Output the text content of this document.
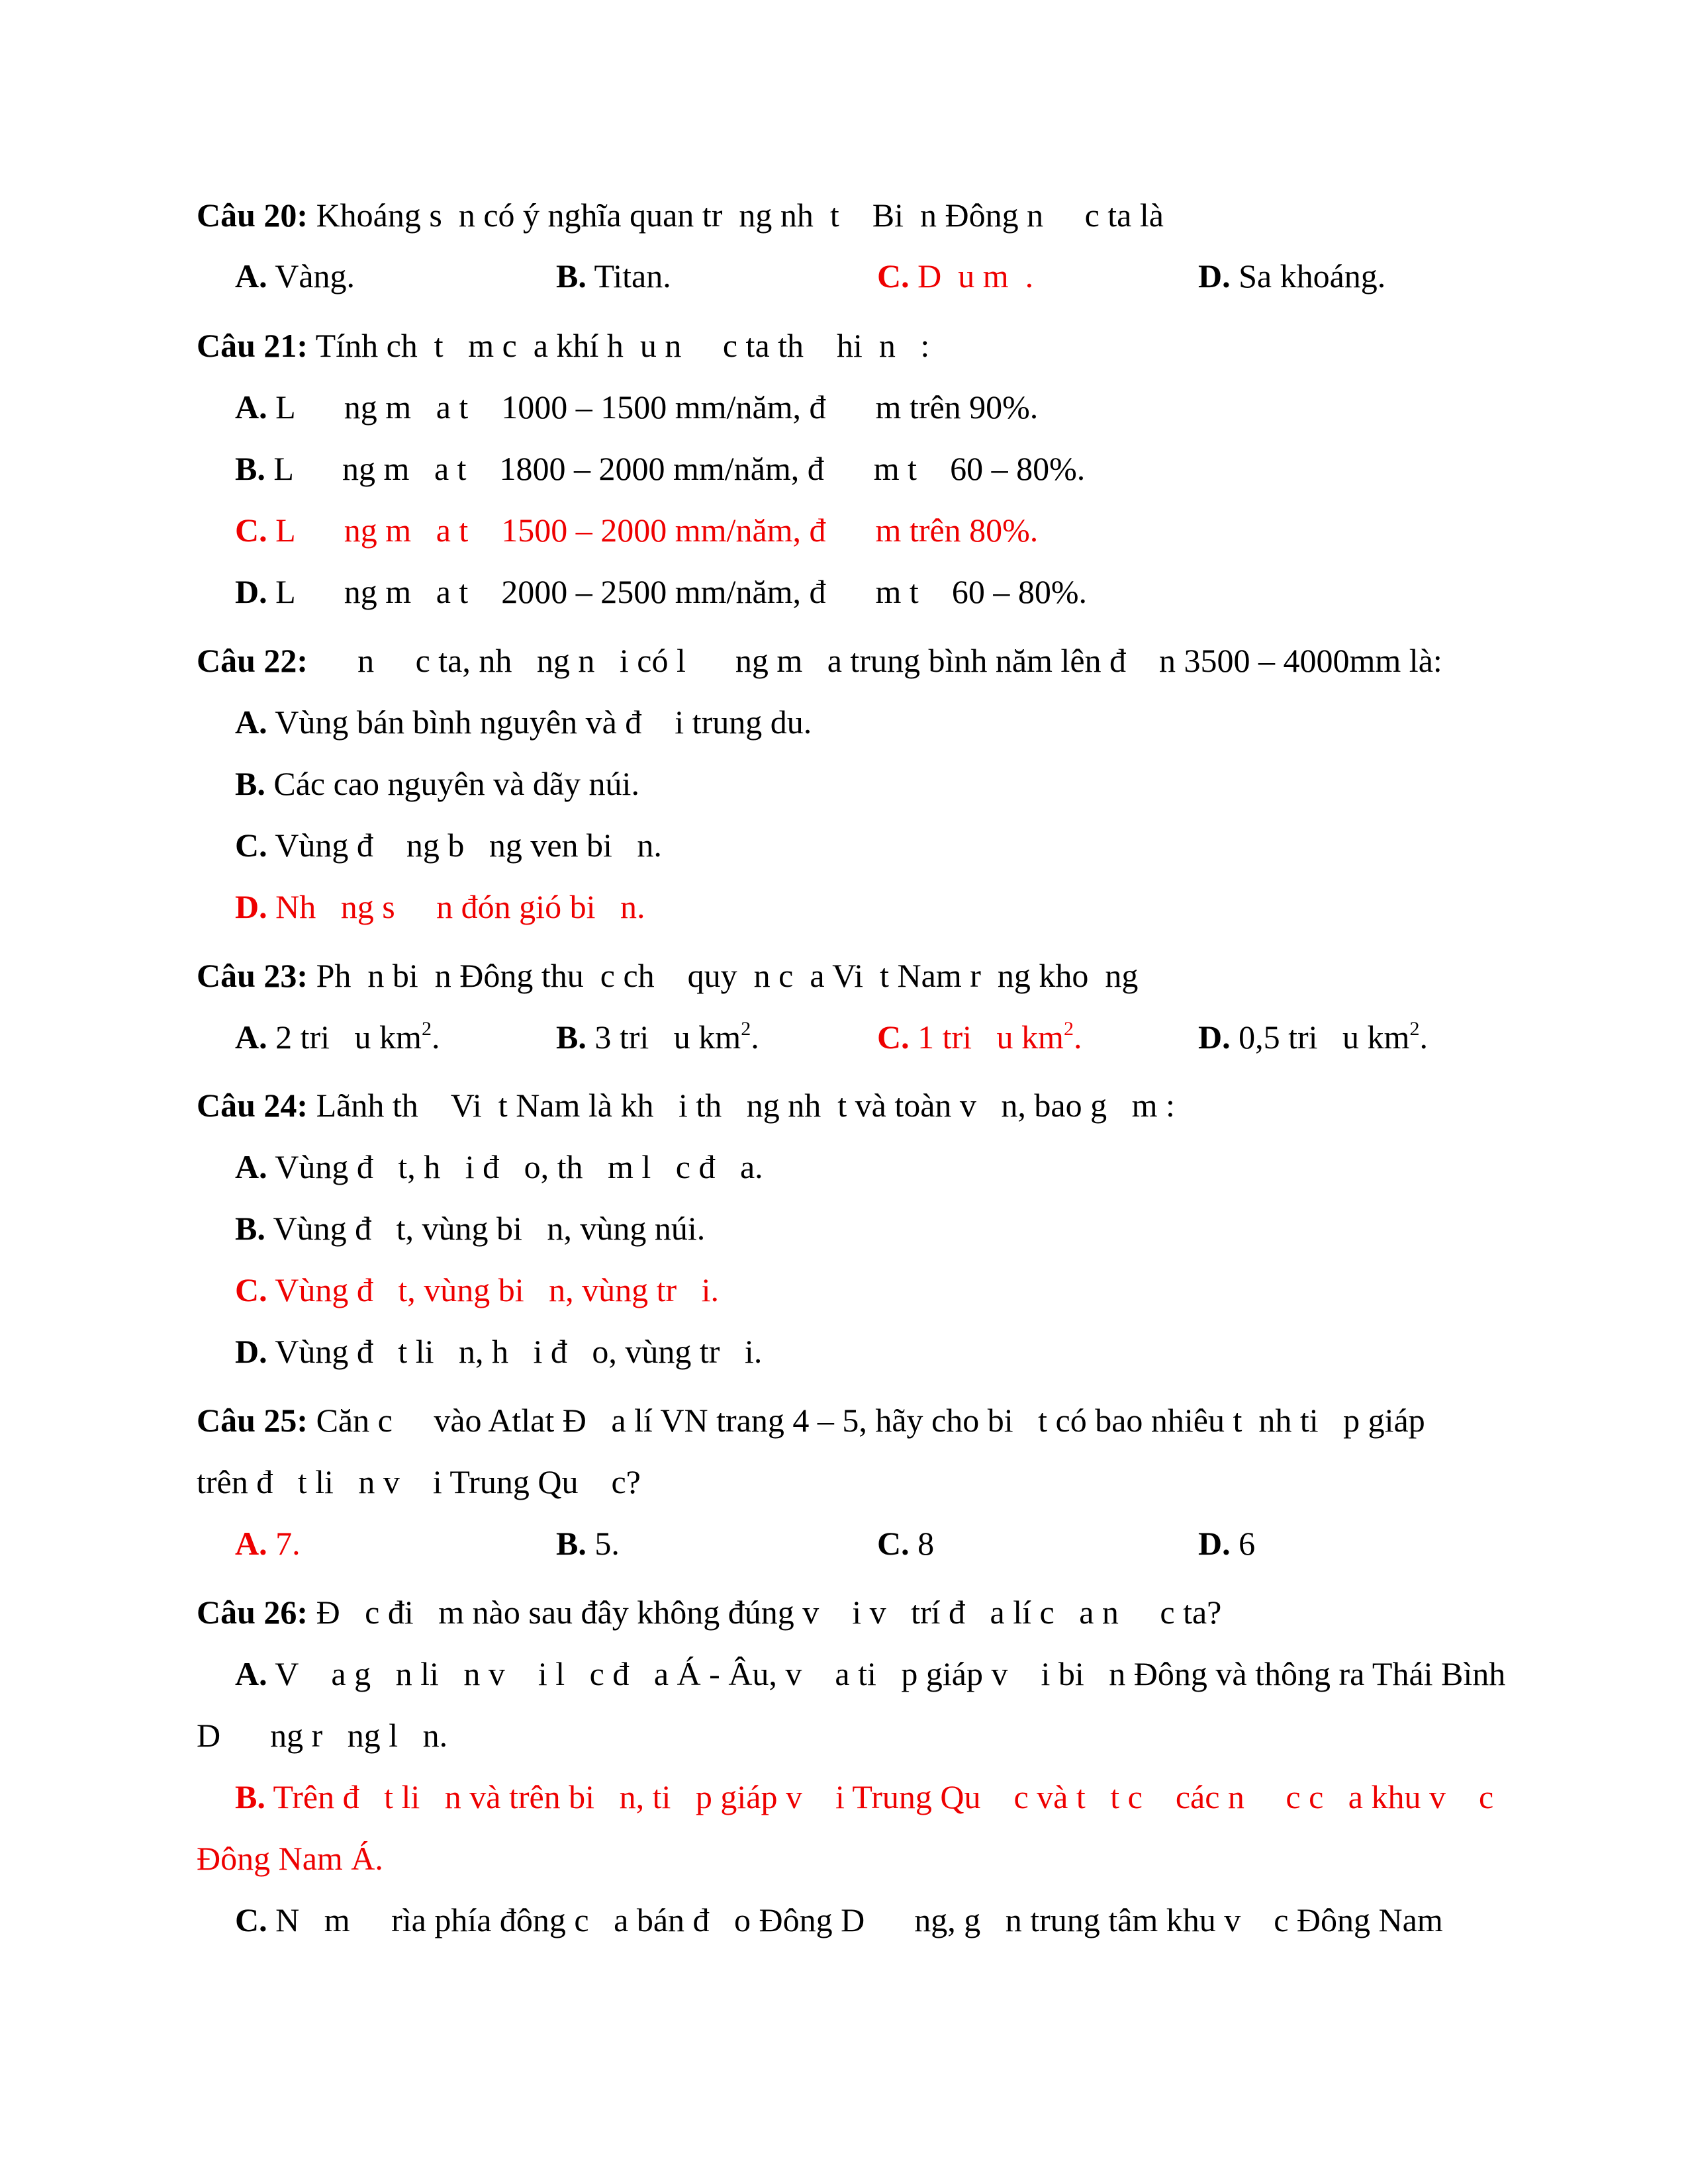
Câu 20: Khoáng s  n có ý nghĩa quan tr  ng nh  t    Bi  n Đông n     c ta là

A. Vàng.	B. Titan.	C. D  u m  .	D. Sa khoáng.

Câu 21: Tính ch  t   m c  a khí h  u n     c ta th    hi  n   :

A. L      ng m   a t    1000 – 1500 mm/năm, đ      m trên 90%.

B. L      ng m   a t    1800 – 2000 mm/năm, đ      m t    60 – 80%.

C. L      ng m   a t    1500 – 2000 mm/năm, đ      m trên 80%.

D. L      ng m   a t    2000 – 2500 mm/năm, đ      m t    60 – 80%.

Câu 22:      n     c ta, nh   ng n   i có l      ng m   a trung bình năm lên đ    n 3500 – 4000mm là:

A. Vùng bán bình nguyên và đ    i trung du.

B. Các cao nguyên và dãy núi.

C. Vùng đ    ng b   ng ven bi   n.

D. Nh   ng s     n đón gió bi   n.

Câu 23: Ph  n bi  n Đông thu  c ch    quy  n c  a Vi  t Nam r  ng kho  ng

A. 2 tri   u $km^2$.	B. 3 tri   u $km^2$.	C. 1 tri   u $km^2$.	D. 0,5 tri   u $km^2$.

Câu 24: Lãnh th    Vi  t Nam là kh   i th   ng nh  t và toàn v   n, bao g   m :

A. Vùng đ   t, h   i đ   o, th   m l   c đ   a.

B. Vùng đ   t, vùng bi   n, vùng núi.

C. Vùng đ   t, vùng bi   n, vùng tr   i.

D. Vùng đ   t li   n, h   i đ   o, vùng tr   i.

Câu 25: Căn c     vào Atlat Đ   a lí VN trang 4 – 5, hãy cho bi   t có bao nhiêu t  nh ti   p giáp

trên đ   t li   n v    i Trung Qu    c?

A. 7.	B. 5.	C. 8	D. 6

Câu 26: Đ   c đi   m nào sau đây không đúng v    i v   trí đ   a lí c   a n     c ta?

A. V    a g   n li   n v    i l   c đ   a Á - Âu, v    a ti   p giáp v    i bi   n Đông và thông ra Thái Bình

D      ng r   ng l   n.

B. Trên đ   t li   n và trên bi   n, ti   p giáp v    i Trung Qu    c và t   t c    các n     c c   a khu v    c

Đông Nam Á.

C. N   m     rìa phía đông c   a bán đ   o Đông D      ng, g   n trung tâm khu v    c Đông Nam
